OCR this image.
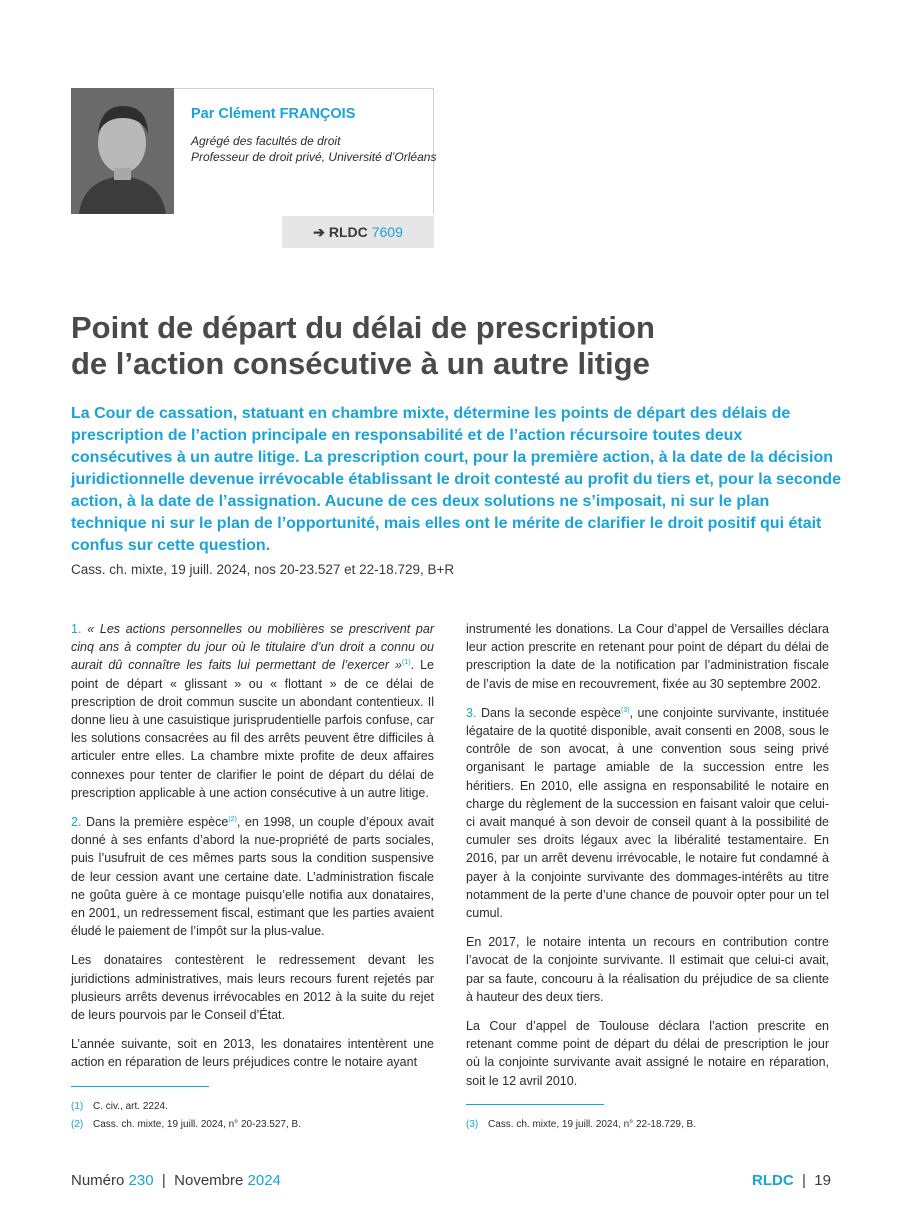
Par Clément FRANÇOIS
Agrégé des facultés de droit
Professeur de droit privé, Université d’Orléans
➔ RLDC 7609
Point de départ du délai de prescription
de l’action consécutive à un autre litige

La Cour de cassation, statuant en chambre mixte, détermine les points de départ des délais de prescription de l’action principale en responsabilité et de l’action récursoire toutes deux consécutives à un autre litige. La prescription court, pour la première action, à la date de la décision juridictionnelle devenue irrévocable établissant le droit contesté au profit du tiers et, pour la seconde action, à la date de l’assignation. Aucune de ces deux solutions ne s’imposait, ni sur le plan technique ni sur le plan de l’opportunité, mais elles ont le mérite de clarifier le droit positif qui était confus sur cette question.

Cass. ch. mixte, 19 juill. 2024, nos 20-23.527 et 22-18.729, B+R

1. « Les actions personnelles ou mobilières se prescrivent par cinq ans à compter du jour où le titulaire d’un droit a connu ou aurait dû connaître les faits lui permettant de l’exercer »$^{(1)}$. Le point de départ « glissant » ou « flottant » de ce délai de prescription de droit commun suscite un abondant contentieux. Il donne lieu à une casuistique jurisprudentielle parfois confuse, car les solutions consacrées au fil des arrêts peuvent être difficiles à articuler entre elles. La chambre mixte profite de deux affaires connexes pour tenter de clarifier le point de départ du délai de prescription applicable à une action consécutive à un autre litige.

2. Dans la première espèce$^{(2)}$, en 1998, un couple d’époux avait donné à ses enfants d’abord la nue-propriété de parts sociales, puis l’usufruit de ces mêmes parts sous la condition suspensive de leur cession avant une certaine date. L’administration fiscale ne goûta guère à ce montage puisqu’elle notifia aux donataires, en 2001, un redressement fiscal, estimant que les parties avaient éludé le paiement de l’impôt sur la plus-value.

Les donataires contestèrent le redressement devant les juridictions administratives, mais leurs recours furent rejetés par plusieurs arrêts devenus irrévocables en 2012 à la suite du rejet de leurs pourvois par le Conseil d’État.

L’année suivante, soit en 2013, les donataires intentèrent une action en réparation de leurs préjudices contre le notaire ayant

instrumenté les donations. La Cour d’appel de Versailles déclara leur action prescrite en retenant pour point de départ du délai de prescription la date de la notification par l’administration fiscale de l’avis de mise en recouvrement, fixée au 30 septembre 2002.

3. Dans la seconde espèce$^{(3)}$, une conjointe survivante, instituée légataire de la quotité disponible, avait consenti en 2008, sous le contrôle de son avocat, à une convention sous seing privé organisant le partage amiable de la succession entre les héritiers. En 2010, elle assigna en responsabilité le notaire en charge du règlement de la succession en faisant valoir que celui-ci avait manqué à son devoir de conseil quant à la possibilité de cumuler ses droits légaux avec la libéralité testamentaire. En 2016, par un arrêt devenu irrévocable, le notaire fut condamné à payer à la conjointe survivante des dommages-intérêts au titre notamment de la perte d’une chance de pouvoir opter pour un tel cumul.

En 2017, le notaire intenta un recours en contribution contre l’avocat de la conjointe survivante. Il estimait que celui-ci avait, par sa faute, concouru à la réalisation du préjudice de sa cliente à hauteur des deux tiers.

La Cour d’appel de Toulouse déclara l’action prescrite en retenant comme point de départ du délai de prescription le jour où la conjointe survivante avait assigné le notaire en réparation, soit le 12 avril 2010.

(1) C. civ., art. 2224.
(2) Cass. ch. mixte, 19 juill. 2024, n° 20-23.527, B.	(3) Cass. ch. mixte, 19 juill. 2024, n° 22-18.729, B.
Numéro 230 | Novembre 2024	RLDC | 19
